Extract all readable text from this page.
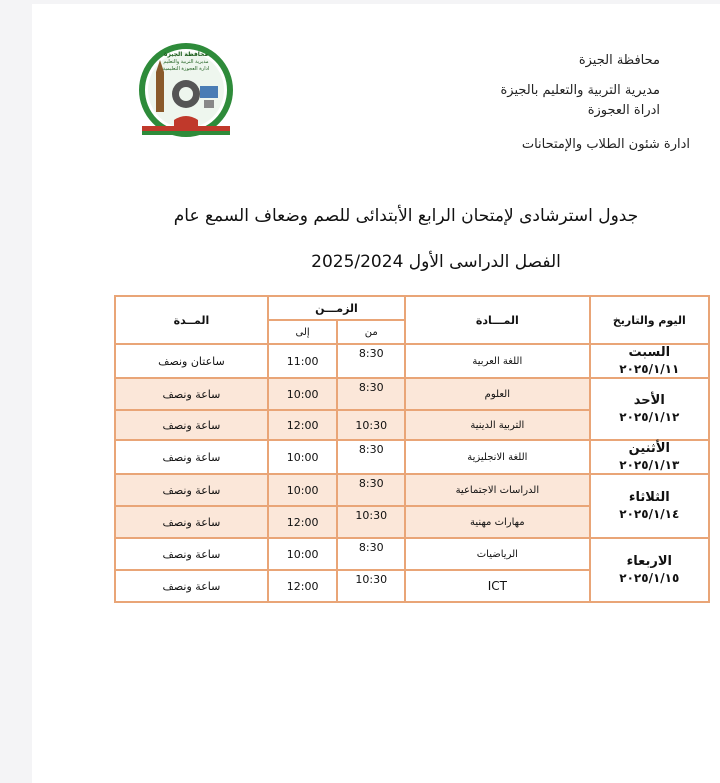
محافظة الجيزة
مديرية التربية والتعليم
ادارة العجوزة التعليمية
محافظة الجيزة
مديرية التربية والتعليم بالجيزة
ادراة العجوزة
ادارة شئون الطلاب والإمتحانات
جدول استرشادى لإمتحان الرابع الأبتدائى للصم وضعاف السمع عام
الفصل الدراسى الأول 2025/2024
اليوم والتاريخ	المـــادة	الزمـــن		المــدة
		من	إلى	

السبت
٢٠٢٥/١/١١	اللغة العربية	8:30	11:00	ساعتان ونصف

الأحد
٢٠٢٥/١/١٢	العلوم	8:30	10:00	ساعة ونصف
	التربية الدينية	10:30	12:00	ساعة ونصف

الأثنين
٢٠٢٥/١/١٣	اللغة الانجليزية	8:30	10:00	ساعة ونصف

الثلاثاء
٢٠٢٥/١/١٤	الدراسات الاجتماعية	8:30	10:00	ساعة ونصف
	مهارات مهنية	10:30	12:00	ساعة ونصف

الاربعاء
٢٠٢٥/١/١٥	الرياضيات	8:30	10:00	ساعة ونصف
	ICT	10:30	12:00	ساعة ونصف
